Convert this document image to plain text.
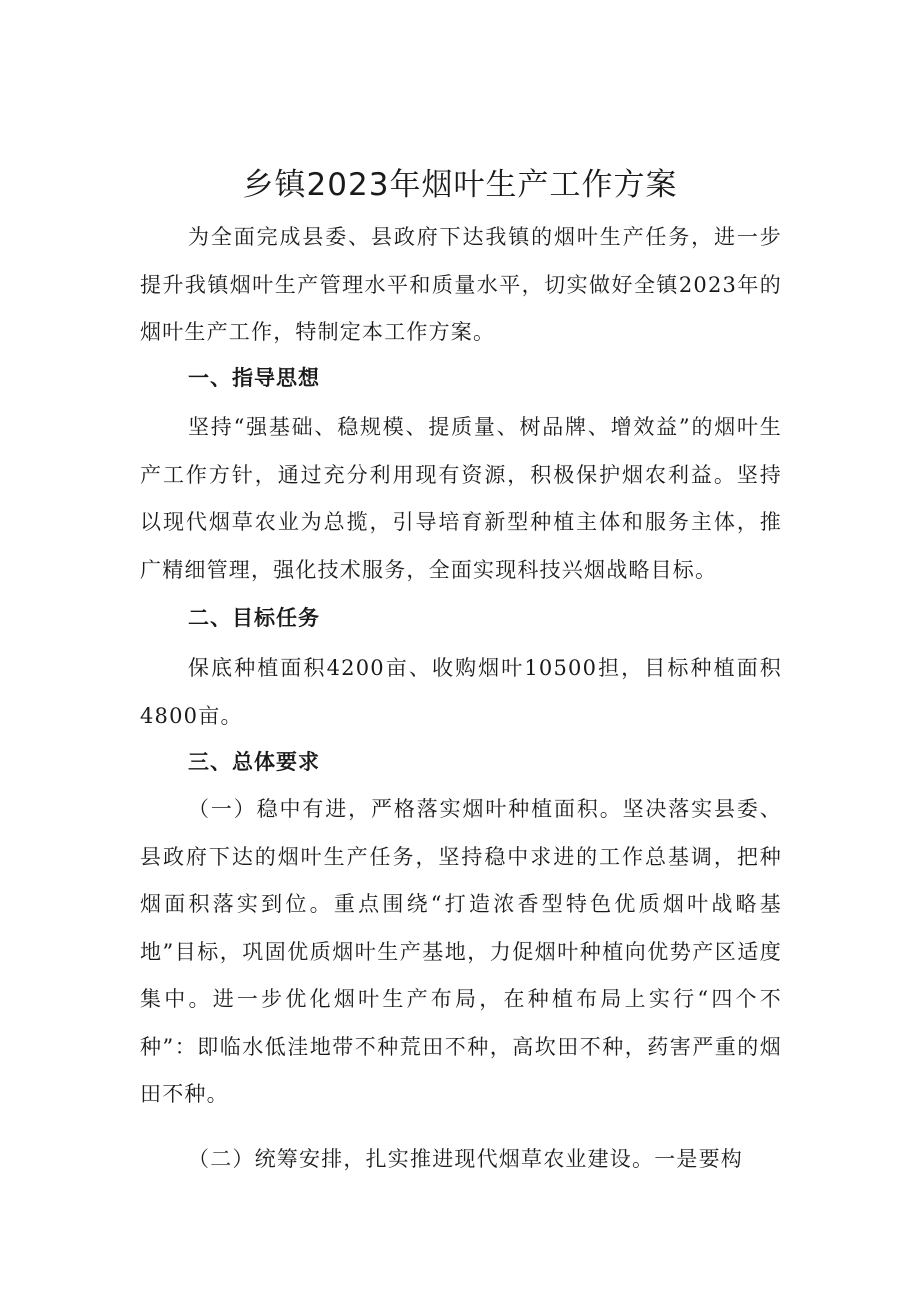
乡镇2023年烟叶生产工作方案

为全面完成县委、县政府下达我镇的烟叶生产任务，进一步提升我镇烟叶生产管理水平和质量水平，切实做好全镇2023年的烟叶生产工作，特制定本工作方案。

一、指导思想

坚持“强基础、稳规模、提质量、树品牌、增效益”的烟叶生产工作方针，通过充分利用现有资源，积极保护烟农利益。坚持以现代烟草农业为总揽，引导培育新型种植主体和服务主体，推广精细管理，强化技术服务，全面实现科技兴烟战略目标。

二、目标任务

保底种植面积4200亩、收购烟叶10500担，目标种植面积4800亩。

三、总体要求

（一）稳中有进，严格落实烟叶种植面积。坚决落实县委、县政府下达的烟叶生产任务，坚持稳中求进的工作总基调，把种烟面积落实到位。重点围绕“打造浓香型特色优质烟叶战略基地”目标，巩固优质烟叶生产基地，力促烟叶种植向优势产区适度集中。进一步优化烟叶生产布局，在种植布局上实行“四个不种”：即临水低洼地带不种荒田不种，高坎田不种，药害严重的烟田不种。

（二）统筹安排，扎实推进现代烟草农业建设。一是要构
